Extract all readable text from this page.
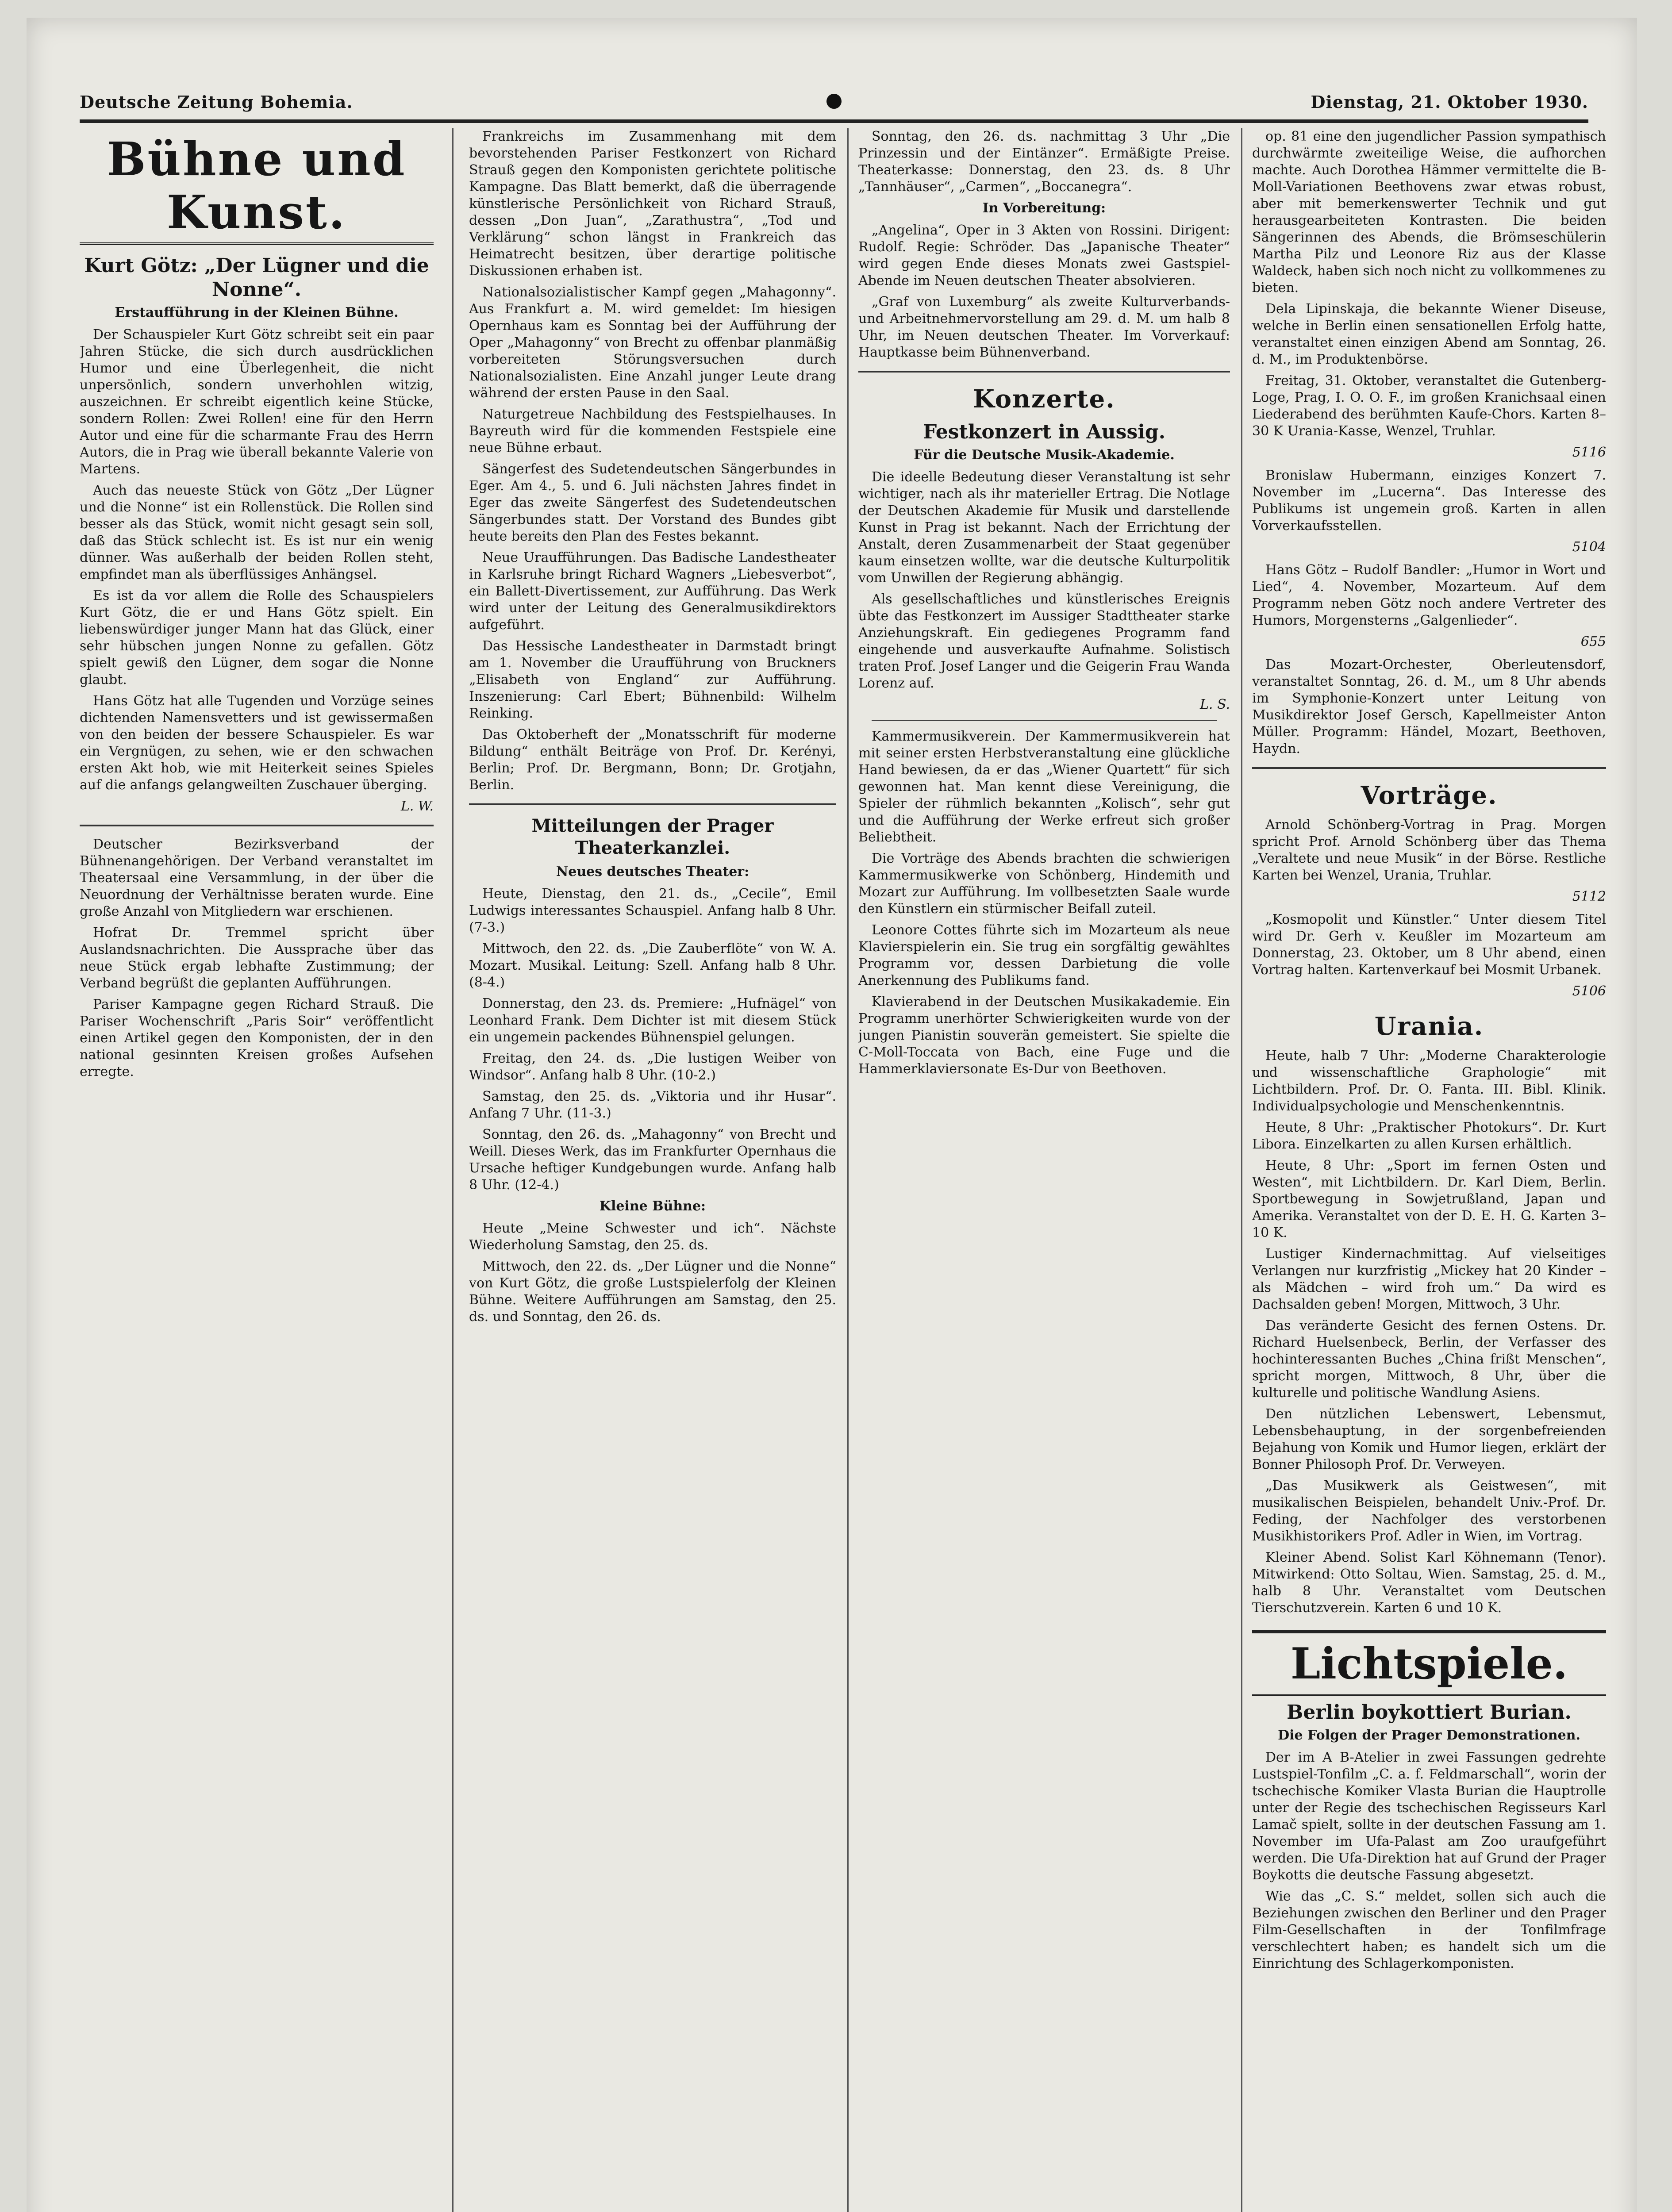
Deutsche Zeitung Bohemia.	Dienstag, 21. Oktober 1930.
Bühne und Kunst.
Kurt Götz: „Der Lügner und die Nonne“.
Erstaufführung in der Kleinen Bühne.

Der Schauspieler Kurt Götz schreibt seit ein paar Jahren Stücke, die sich durch ausdrücklichen Humor und eine Überlegenheit, die nicht unpersönlich, sondern unverhohlen witzig, auszeichnen. Er schreibt eigentlich keine Stücke, sondern Rollen: Zwei Rollen! eine für den Herrn Autor und eine für die scharmante Frau des Herrn Autors, die in Prag wie überall bekannte Valerie von Martens.

Auch das neueste Stück von Götz „Der Lügner und die Nonne“ ist ein Rollenstück. Die Rollen sind besser als das Stück, womit nicht gesagt sein soll, daß das Stück schlecht ist. Es ist nur ein wenig dünner. Was außerhalb der beiden Rollen steht, empfindet man als überflüssiges Anhängsel.

Es ist da vor allem die Rolle des Schauspielers Kurt Götz, die er und Hans Götz spielt. Ein liebenswürdiger junger Mann hat das Glück, einer sehr hübschen jungen Nonne zu gefallen. Götz spielt gewiß den Lügner, dem sogar die Nonne glaubt.

Hans Götz hat alle Tugenden und Vorzüge seines dichtenden Namensvetters und ist gewissermaßen von den beiden der bessere Schauspieler. Es war ein Vergnügen, zu sehen, wie er den schwachen ersten Akt hob, wie mit Heiterkeit seines Spieles auf die anfangs gelangweilten Zuschauer überging.

L. W.

Deutscher Bezirksverband der Bühnenangehörigen. Der Verband veranstaltet im Theatersaal eine Versammlung, in der über die Neuordnung der Verhältnisse beraten wurde. Eine große Anzahl von Mitgliedern war erschienen.

Hofrat Dr. Tremmel spricht über Auslandsnachrichten. Die Aussprache über das neue Stück ergab lebhafte Zustimmung; der Verband begrüßt die geplanten Aufführungen.

Pariser Kampagne gegen Richard Strauß. Die Pariser Wochenschrift „Paris Soir“ veröffentlicht einen Artikel gegen den Komponisten, der in den national gesinnten Kreisen großes Aufsehen erregte.

Frankreichs im Zusammenhang mit dem bevorstehenden Pariser Festkonzert von Richard Strauß gegen den Komponisten gerichtete politische Kampagne. Das Blatt bemerkt, daß die überragende künstlerische Persönlichkeit von Richard Strauß, dessen „Don Juan“, „Zarathustra“, „Tod und Verklärung“ schon längst in Frankreich das Heimatrecht besitzen, über derartige politische Diskussionen erhaben ist.

Nationalsozialistischer Kampf gegen „Mahagonny“. Aus Frankfurt a. M. wird gemeldet: Im hiesigen Opernhaus kam es Sonntag bei der Aufführung der Oper „Mahagonny“ von Brecht zu offenbar planmäßig vorbereiteten Störungsversuchen durch Nationalsozialisten. Eine Anzahl junger Leute drang während der ersten Pause in den Saal.

Naturgetreue Nachbildung des Festspielhauses. In Bayreuth wird für die kommenden Festspiele eine neue Bühne erbaut.

Sängerfest des Sudetendeutschen Sängerbundes in Eger. Am 4., 5. und 6. Juli nächsten Jahres findet in Eger das zweite Sängerfest des Sudetendeutschen Sängerbundes statt. Der Vorstand des Bundes gibt heute bereits den Plan des Festes bekannt.

Neue Uraufführungen. Das Badische Landestheater in Karlsruhe bringt Richard Wagners „Liebesverbot“, ein Ballett-Divertissement, zur Aufführung. Das Werk wird unter der Leitung des Generalmusikdirektors aufgeführt.

Das Hessische Landestheater in Darmstadt bringt am 1. November die Uraufführung von Bruckners „Elisabeth von England“ zur Aufführung. Inszenierung: Carl Ebert; Bühnenbild: Wilhelm Reinking.

Das Oktoberheft der „Monatsschrift für moderne Bildung“ enthält Beiträge von Prof. Dr. Kerényi, Berlin; Prof. Dr. Bergmann, Bonn; Dr. Grotjahn, Berlin.

Mitteilungen der Prager Theaterkanzlei.
Neues deutsches Theater:

Heute, Dienstag, den 21. ds., „Cecile“, Emil Ludwigs interessantes Schauspiel. Anfang halb 8 Uhr. (7-3.)

Mittwoch, den 22. ds. „Die Zauberflöte“ von W. A. Mozart. Musikal. Leitung: Szell. Anfang halb 8 Uhr. (8-4.)

Donnerstag, den 23. ds. Premiere: „Hufnägel“ von Leonhard Frank. Dem Dichter ist mit diesem Stück ein ungemein packendes Bühnenspiel gelungen.

Freitag, den 24. ds. „Die lustigen Weiber von Windsor“. Anfang halb 8 Uhr. (10-2.)

Samstag, den 25. ds. „Viktoria und ihr Husar“. Anfang 7 Uhr. (11-3.)

Sonntag, den 26. ds. „Mahagonny“ von Brecht und Weill. Dieses Werk, das im Frankfurter Opernhaus die Ursache heftiger Kundgebungen wurde. Anfang halb 8 Uhr. (12-4.)

Kleine Bühne:

Heute „Meine Schwester und ich“. Nächste Wiederholung Samstag, den 25. ds.

Mittwoch, den 22. ds. „Der Lügner und die Nonne“ von Kurt Götz, die große Lustspielerfolg der Kleinen Bühne. Weitere Aufführungen am Samstag, den 25. ds. und Sonntag, den 26. ds.

Sonntag, den 26. ds. nachmittag 3 Uhr „Die Prinzessin und der Eintänzer“. Ermäßigte Preise. Theaterkasse: Donnerstag, den 23. ds. 8 Uhr „Tannhäuser“, „Carmen“, „Boccanegra“.

In Vorbereitung:

„Angelina“, Oper in 3 Akten von Rossini. Dirigent: Rudolf. Regie: Schröder. Das „Japanische Theater“ wird gegen Ende dieses Monats zwei Gastspiel-Abende im Neuen deutschen Theater absolvieren.

„Graf von Luxemburg“ als zweite Kulturverbands- und Arbeitnehmervorstellung am 29. d. M. um halb 8 Uhr, im Neuen deutschen Theater. Im Vorverkauf: Hauptkasse beim Bühnenverband.

Konzerte.
Festkonzert in Aussig.
Für die Deutsche Musik-Akademie.

Die ideelle Bedeutung dieser Veranstaltung ist sehr wichtiger, nach als ihr materieller Ertrag. Die Notlage der Deutschen Akademie für Musik und darstellende Kunst in Prag ist bekannt. Nach der Errichtung der Anstalt, deren Zusammenarbeit der Staat gegenüber kaum einsetzen wollte, war die deutsche Kulturpolitik vom Unwillen der Regierung abhängig.

Als gesellschaftliches und künstlerisches Ereignis übte das Festkonzert im Aussiger Stadttheater starke Anziehungskraft. Ein gediegenes Programm fand eingehende und ausverkaufte Aufnahme. Solistisch traten Prof. Josef Langer und die Geigerin Frau Wanda Lorenz auf.

L. S.

Kammermusikverein. Der Kammermusikverein hat mit seiner ersten Herbstveranstaltung eine glückliche Hand bewiesen, da er das „Wiener Quartett“ für sich gewonnen hat. Man kennt diese Vereinigung, die Spieler der rühmlich bekannten „Kolisch“, sehr gut und die Aufführung der Werke erfreut sich großer Beliebtheit.

Die Vorträge des Abends brachten die schwierigen Kammermusikwerke von Schönberg, Hindemith und Mozart zur Aufführung. Im vollbesetzten Saale wurde den Künstlern ein stürmischer Beifall zuteil.

Leonore Cottes führte sich im Mozarteum als neue Klavierspielerin ein. Sie trug ein sorgfältig gewähltes Programm vor, dessen Darbietung die volle Anerkennung des Publikums fand.

Klavierabend in der Deutschen Musikakademie. Ein Programm unerhörter Schwierigkeiten wurde von der jungen Pianistin souverän gemeistert. Sie spielte die C-Moll-Toccata von Bach, eine Fuge und die Hammerklaviersonate Es-Dur von Beethoven.

op. 81 eine den jugendlicher Passion sympathisch durchwärmte zweiteilige Weise, die aufhorchen machte. Auch Dorothea Hämmer vermittelte die B-Moll-Variationen Beethovens zwar etwas robust, aber mit bemerkenswerter Technik und gut herausgearbeiteten Kontrasten. Die beiden Sängerinnen des Abends, die Brömseschülerin Martha Pilz und Leonore Riz aus der Klasse Waldeck, haben sich noch nicht zu vollkommenes zu bieten.

Dela Lipinskaja, die bekannte Wiener Diseuse, welche in Berlin einen sensationellen Erfolg hatte, veranstaltet einen einzigen Abend am Sonntag, 26. d. M., im Produktenbörse.

Freitag, 31. Oktober, veranstaltet die Gutenberg-Loge, Prag, I. O. O. F., im großen Kranichsaal einen Liederabend des berühmten Kaufe-Chors. Karten 8–30 K Urania-Kasse, Wenzel, Truhlar.

5116

Bronislaw Hubermann, einziges Konzert 7. November im „Lucerna“. Das Interesse des Publikums ist ungemein groß. Karten in allen Vorverkaufsstellen.

5104

Hans Götz – Rudolf Bandler: „Humor in Wort und Lied“, 4. November, Mozarteum. Auf dem Programm neben Götz noch andere Vertreter des Humors, Morgensterns „Galgenlieder“.

655

Das Mozart-Orchester, Oberleutensdorf, veranstaltet Sonntag, 26. d. M., um 8 Uhr abends im Symphonie-Konzert unter Leitung von Musikdirektor Josef Gersch, Kapellmeister Anton Müller. Programm: Händel, Mozart, Beethoven, Haydn.

Vorträge.

Arnold Schönberg-Vortrag in Prag. Morgen spricht Prof. Arnold Schönberg über das Thema „Veraltete und neue Musik“ in der Börse. Restliche Karten bei Wenzel, Urania, Truhlar.

5112

„Kosmopolit und Künstler.“ Unter diesem Titel wird Dr. Gerh v. Keußler im Mozarteum am Donnerstag, 23. Oktober, um 8 Uhr abend, einen Vortrag halten. Kartenverkauf bei Mosmit Urbanek.

5106
Urania.

Heute, halb 7 Uhr: „Moderne Charakterologie und wissenschaftliche Graphologie“ mit Lichtbildern. Prof. Dr. O. Fanta. III. Bibl. Klinik. Individualpsychologie und Menschenkenntnis.

Heute, 8 Uhr: „Praktischer Photokurs“. Dr. Kurt Libora. Einzelkarten zu allen Kursen erhältlich.

Heute, 8 Uhr: „Sport im fernen Osten und Westen“, mit Lichtbildern. Dr. Karl Diem, Berlin. Sportbewegung in Sowjetrußland, Japan und Amerika. Veranstaltet von der D. E. H. G. Karten 3–10 K.

Lustiger Kindernachmittag. Auf vielseitiges Verlangen nur kurzfristig „Mickey hat 20 Kinder – als Mädchen – wird froh um.“ Da wird es Dachsalden geben! Morgen, Mittwoch, 3 Uhr.

Das veränderte Gesicht des fernen Ostens. Dr. Richard Huelsenbeck, Berlin, der Verfasser des hochinteressanten Buches „China frißt Menschen“, spricht morgen, Mittwoch, 8 Uhr, über die kulturelle und politische Wandlung Asiens.

Den nützlichen Lebenswert, Lebensmut, Lebensbehauptung, in der sorgenbefreienden Bejahung von Komik und Humor liegen, erklärt der Bonner Philosoph Prof. Dr. Verweyen.

„Das Musikwerk als Geistwesen“, mit musikalischen Beispielen, behandelt Univ.-Prof. Dr. Feding, der Nachfolger des verstorbenen Musikhistorikers Prof. Adler in Wien, im Vortrag.

Kleiner Abend. Solist Karl Köhnemann (Tenor). Mitwirkend: Otto Soltau, Wien. Samstag, 25. d. M., halb 8 Uhr. Veranstaltet vom Deutschen Tierschutzverein. Karten 6 und 10 K.

Lichtspiele.
Berlin boykottiert Burian.
Die Folgen der Prager Demonstrationen.

Der im A B-Atelier in zwei Fassungen gedrehte Lustspiel-Tonfilm „C. a. f. Feldmarschall“, worin der tschechische Komiker Vlasta Burian die Hauptrolle unter der Regie des tschechischen Regisseurs Karl Lamač spielt, sollte in der deutschen Fassung am 1. November im Ufa-Palast am Zoo uraufgeführt werden. Die Ufa-Direktion hat auf Grund der Prager Boykotts die deutsche Fassung abgesetzt.

Wie das „C. S.“ meldet, sollen sich auch die Beziehungen zwischen den Berliner und den Prager Film-Gesellschaften in der Tonfilmfrage verschlechtert haben; es handelt sich um die Einrichtung des Schlagerkomponisten.
